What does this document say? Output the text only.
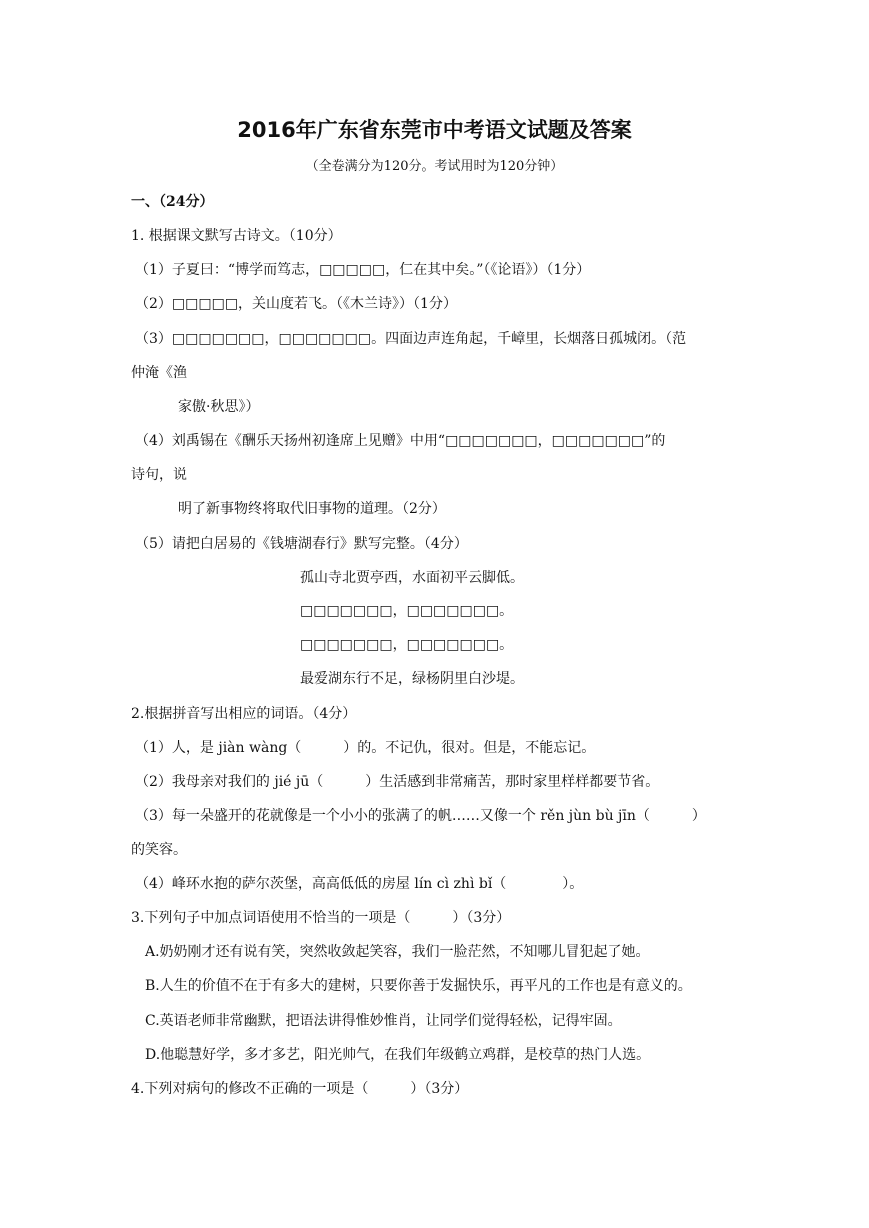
2016年广东省东莞市中考语文试题及答案
（全卷满分为120分。考试用时为120分钟）
一、（24分）
1. 根据课文默写古诗文。（10分）
（1）子夏曰：“博学而笃志，□□□□□，仁在其中矣。”（《论语》）（1分）
（2）□□□□□，关山度若飞。（《木兰诗》）（1分）
（3）□□□□□□□，□□□□□□□。四面边声连角起，千嶂里，长烟落日孤城闭。（范
仲淹《渔
家傲·秋思》）
（4）刘禹锡在《酬乐天扬州初逢席上见赠》中用“□□□□□□□，□□□□□□□”的
诗句，说
明了新事物终将取代旧事物的道理。（2分）
（5）请把白居易的《钱塘湖春行》默写完整。（4分）
孤山寺北贾亭西，水面初平云脚低。
□□□□□□□，□□□□□□□。
□□□□□□□，□□□□□□□。
最爱湖东行不足，绿杨阴里白沙堤。
2.根据拼音写出相应的词语。（4分）
（1）人，是 jiàn wàng（　　　）的。不记仇，很对。但是，不能忘记。
（2）我母亲对我们的 jié jū（　　　）生活感到非常痛苦，那时家里样样都要节省。
（3）每一朵盛开的花就像是一个小小的张满了的帆……又像一个 rěn jùn bù jīn（　　　）
的笑容。
（4）峰环水抱的萨尔茨堡，高高低低的房屋 lín cì zhì bǐ（　　　　）。
3.下列句子中加点词语使用不恰当的一项是（　　　）（3分）
A.奶奶刚才还有说有笑，突然收敛起笑容，我们一脸茫然，不知哪儿冒犯起了她。
B.人生的价值不在于有多大的建树，只要你善于发掘快乐，再平凡的工作也是有意义的。
C.英语老师非常幽默，把语法讲得惟妙惟肖，让同学们觉得轻松，记得牢固。
D.他聪慧好学，多才多艺，阳光帅气，在我们年级鹤立鸡群，是校草的热门人选。
4.下列对病句的修改不正确的一项是（　　　）（3分）
